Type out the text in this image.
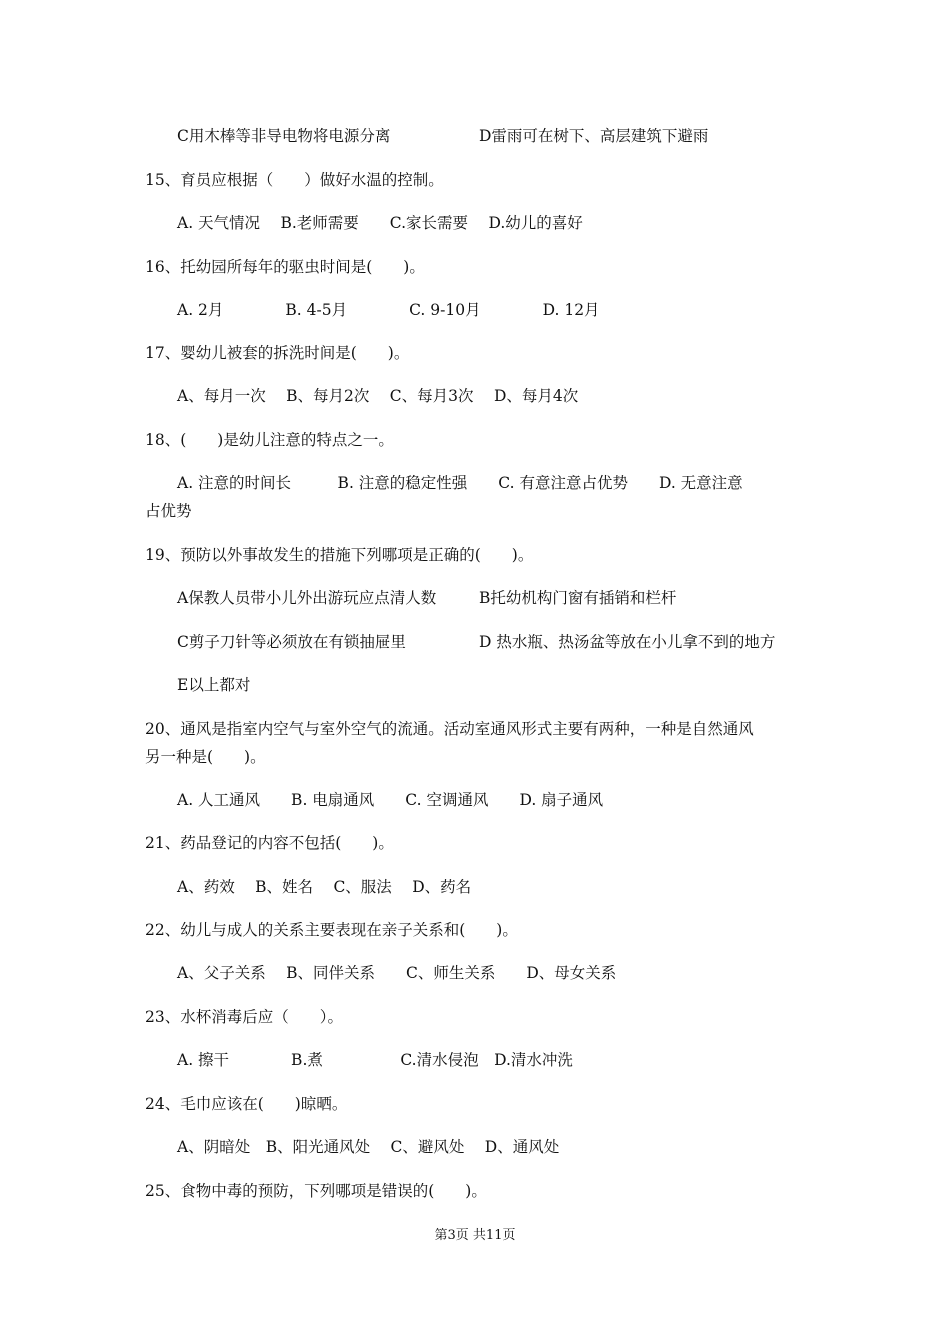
C用木棒等非导电物将电源分离	D雷雨可在树下、高层建筑下避雨
15、育员应根据（　　）做好水温的控制。
A. 天气情况　 B.老师需要　　C.家长需要　 D.幼儿的喜好
16、托幼园所每年的驱虫时间是(　　)。
A. 2月　　　　B. 4-5月　　　　C. 9-10月　　　　D. 12月
17、婴幼儿被套的拆洗时间是(　　)。
A、每月一次　 B、每月2次　 C、每月3次　 D、每月4次
18、(　　)是幼儿注意的特点之一。
A. 注意的时间长　　　B. 注意的稳定性强　　C. 有意注意占优势　　D. 无意注意
占优势
19、预防以外事故发生的措施下列哪项是正确的(　　)。
A保教人员带小儿外出游玩应点清人数	B托幼机构门窗有插销和栏杆
C剪子刀针等必须放在有锁抽屉里	D 热水瓶、热汤盆等放在小儿拿不到的地方
E以上都对
20、通风是指室内空气与室外空气的流通。活动室通风形式主要有两种，一种是自然通风
另一种是(　　)。
A. 人工通风　　B. 电扇通风　　C. 空调通风　　D. 扇子通风
21、药品登记的内容不包括(　　)。
A、药效　 B、姓名　 C、服法　 D、药名
22、幼儿与成人的关系主要表现在亲子关系和(　　)。
A、父子关系　 B、同伴关系　　C、师生关系　　D、母女关系
23、水杯消毒后应（　　）。
A. 擦干　　　　B.煮　　　　　C.清水侵泡　D.清水冲洗
24、毛巾应该在(　　)晾晒。
A、阴暗处　B、阳光通风处　 C、避风处　 D、通风处
25、食物中毒的预防，下列哪项是错误的(　　)。
第3页 共11页
